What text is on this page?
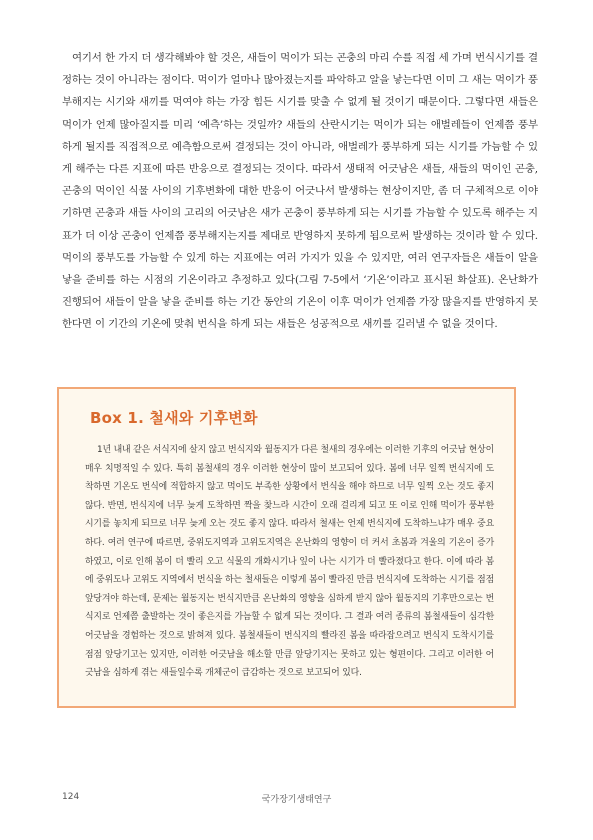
여기서 한 가지 더 생각해봐야 할 것은, 새들이 먹이가 되는 곤충의 마리 수를 직접 세 가며 번식시기를 결정하는 것이 아니라는 점이다. 먹이가 얼마나 많아졌는지를 파악하고 알을 낳는다면 이미 그 새는 먹이가 풍부해지는 시기와 새끼를 먹여야 하는 가장 힘든 시기를 맞출 수 없게 될 것이기 때문이다. 그렇다면 새들은 먹이가 언제 많아질지를 미리 ‘예측’하는 것일까? 새들의 산란시기는 먹이가 되는 애벌레들이 언제쯤 풍부하게 될지를 직접적으로 예측함으로써 결정되는 것이 아니라, 애벌레가 풍부하게 되는 시기를 가늠할 수 있게 해주는 다른 지표에 따른 반응으로 결정되는 것이다. 따라서 생태적 어긋남은 새들, 새들의 먹이인 곤충, 곤충의 먹이인 식물 사이의 기후변화에 대한 반응이 어긋나서 발생하는 현상이지만, 좀 더 구체적으로 이야기하면 곤충과 새들 사이의 고리의 어긋남은 새가 곤충이 풍부하게 되는 시기를 가늠할 수 있도록 해주는 지표가 더 이상 곤충이 언제쯤 풍부해지는지를 제대로 반영하지 못하게 됨으로써 발생하는 것이라 할 수 있다. 먹이의 풍부도를 가늠할 수 있게 하는 지표에는 여러 가지가 있을 수 있지만, 여러 연구자들은 새들이 알을 낳을 준비를 하는 시점의 기온이라고 추정하고 있다(그림 7-5에서 ‘기온’이라고 표시된 화살표). 온난화가 진행되어 새들이 알을 낳을 준비를 하는 기간 동안의 기온이 이후 먹이가 언제쯤 가장 많을지를 반영하지 못한다면 이 기간의 기온에 맞춰 번식을 하게 되는 새들은 성공적으로 새끼를 길러낼 수 없을 것이다.

Box 1. 철새와 기후변화

1년 내내 같은 서식지에 살지 않고 번식지와 월동지가 다른 철새의 경우에는 이러한 기후의 어긋남 현상이 매우 치명적일 수 있다. 특히 봄철새의 경우 이러한 현상이 많이 보고되어 있다. 봄에 너무 일찍 번식지에 도착하면 기온도 번식에 적합하지 않고 먹이도 부족한 상황에서 번식을 해야 하므로 너무 일찍 오는 것도 좋지 않다. 반면, 번식지에 너무 늦게 도착하면 짝을 찾느라 시간이 오래 걸리게 되고 또 이로 인해 먹이가 풍부한 시기를 놓치게 되므로 너무 늦게 오는 것도 좋지 않다. 따라서 철새는 언제 번식지에 도착하느냐가 매우 중요하다. 여러 연구에 따르면, 중위도지역과 고위도지역은 온난화의 영향이 더 커서 초봄과 겨울의 기온이 증가하였고, 이로 인해 봄이 더 빨리 오고 식물의 개화시기나 잎이 나는 시기가 더 빨라졌다고 한다. 이에 따라 봄에 중위도나 고위도 지역에서 번식을 하는 철새들은 이렇게 봄이 빨라진 만큼 번식지에 도착하는 시기를 점점 앞당겨야 하는데, 문제는 월동지는 번식지만큼 온난화의 영향을 심하게 받지 않아 월동지의 기후만으로는 번식지로 언제쯤 출발하는 것이 좋은지를 가늠할 수 없게 되는 것이다. 그 결과 여러 종류의 봄철새들이 심각한 어긋남을 경험하는 것으로 밝혀져 있다. 봄철새들이 번식지의 빨라진 봄을 따라잡으려고 번식지 도착시기를 점점 앞당기고는 있지만, 이러한 어긋남을 해소할 만큼 앞당기지는 못하고 있는 형편이다. 그리고 이러한 어긋남을 심하게 겪는 새들일수록 개체군이 급감하는 것으로 보고되어 있다.

124	국가장기생태연구
